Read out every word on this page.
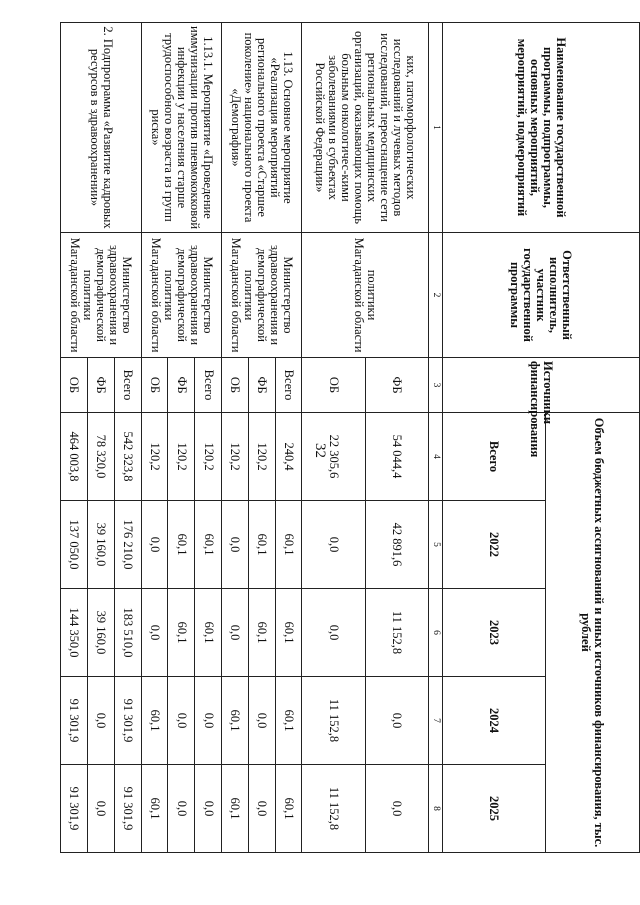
32
Наименование государственной программы, подпрограммы, основных мероприятий, мероприятий, подмероприятий	Ответственный исполнитель, участник государственной программы	Источники финансирования	Объем бюджетных ассигнований и иных источников финансирования, тыс. рублей				
			Всего	2022	2023	2024	2025
1	2	3	4	5	6	7	8
ких, патоморфологических исследований и лучевых методов исследований, переоснащение сети региональных медицинских организаций, оказывающих помощь больным онкологичес-кими заболеваниями в субъектах Российской Федерации»	политики Магаданской области	ФБ	54 044,4	42 891,6	11 152,8	0,0	0,0
		ОБ	22 305,6	0,0	0,0	11 152,8	11 152,8
1.13. Основное мероприятие «Реализация мероприятий регионального проекта «Старшее поколение» национального проекта «Демография»	Министерство здравоохранения и демографической политики Магаданской области	Всего	240,4	60,1	60,1	60,1	60,1
		ФБ	120,2	60,1	60,1	0,0	0,0
		ОБ	120,2	0,0	0,0	60,1	60,1
1.13.1. Мероприятие «Проведение иммунизации против пневмококковой инфекции у населения старше трудоспособного возраста из групп риска»	Министерство здравоохранения и демографической политики Магаданской области	Всего	120,2	60,1	60,1	0,0	0,0
		ФБ	120,2	60,1	60,1	0,0	0,0
		ОБ	120,2	0,0	0,0	60,1	60,1
2. Подпрограмма «Развитие кадровых ресурсов в здравоохранении»	Министерство здравоохранения и демографической политики Магаданской области	Всего	542 323,8	176 210,0	183 510,0	91 301,9	91 301,9
		ФБ	78 320,0	39 160,0	39 160,0	0,0	0,0
		ОБ	464 003,8	137 050,0	144 350,0	91 301,9	91 301,9
